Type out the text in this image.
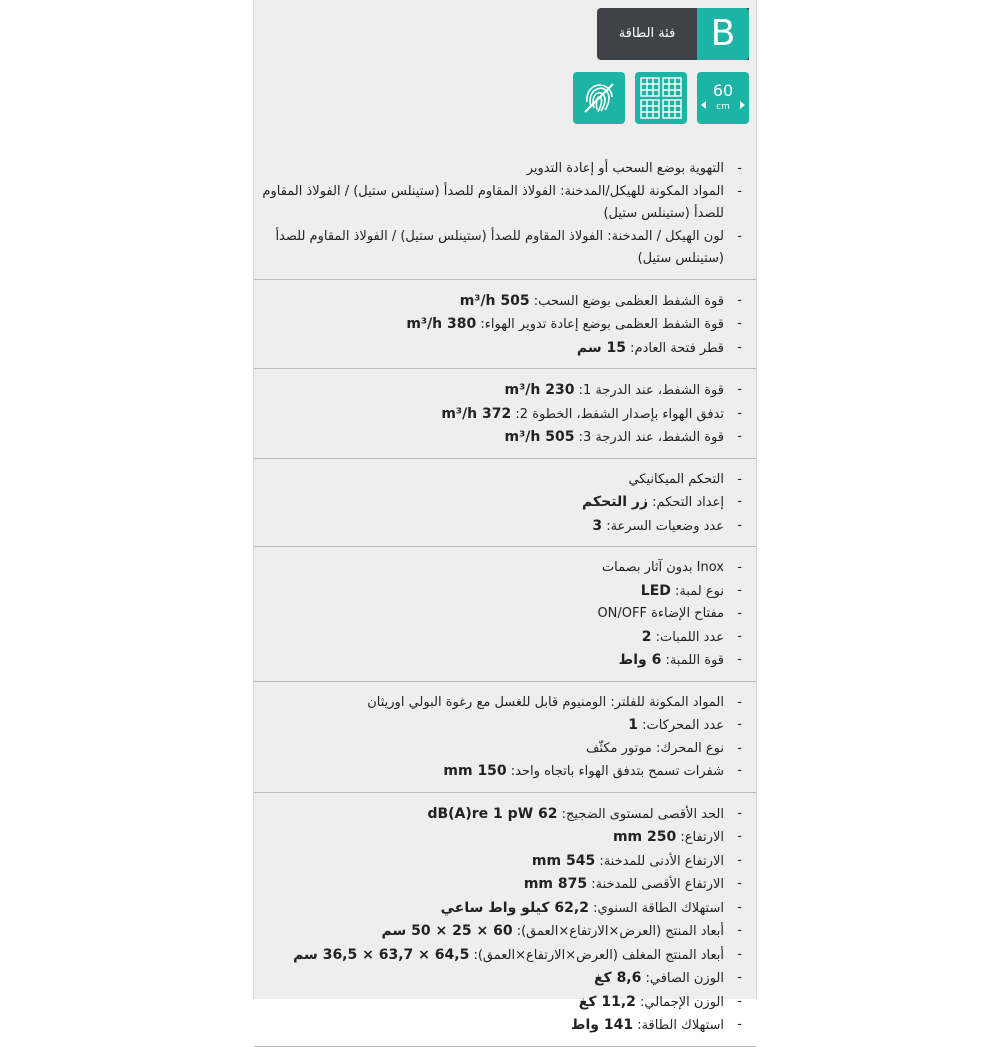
فئة الطاقة B
60
cm
- التهوية بوضع السحب أو إعادة التدوير
- المواد المكونة للهيكل/المدخنة: الفولاذ المقاوم للصدأ (ستينلس ستيل) / الفولاذ المقاوم للصدأ (ستينلس ستيل)
- لون الهيكل / المدخنة: الفولاذ المقاوم للصدأ (ستينلس ستيل) / الفولاذ المقاوم للصدأ (ستينلس ستيل)
- قوة الشفط العظمى بوضع السحب: 505 m³/h
- قوة الشفط العظمى بوضع إعادة تدوير الهواء: 380 m³/h
- قطر فتحة العادم: 15 سم
- قوة الشفط، عند الدرجة 1: 230 m³/h
- تدفق الهواء بإصدار الشفط، الخطوة 2: 372 m³/h
- قوة الشفط، عند الدرجة 3: 505 m³/h
- التحكم الميكانيكي
- إعداد التحكم: زر التحكم
- عدد وضعيات السرعة: 3
- Inox بدون آثار بصمات
- نوع لمبة: LED
- مفتاح الإضاءة ON/OFF
- عدد اللمبات: 2
- قوة اللمبة: 6 واط
- المواد المكونة للفلتر: الومنيوم قابل للغسل مع رغوة البولي اوريثان
- عدد المحركات: 1
- نوع المحرك: موتور مكثّف
- شفرات تسمح بتدفق الهواء باتجاه واحد: 150 mm
- الحد الأقصى لمستوى الضجيج: 62 dB(A)re 1 pW
- الارتفاع: 250 mm
- الارتفاع الأدنى للمدخنة: 545 mm
- الارتفاع الأقصى للمدخنة: 875 mm
- استهلاك الطاقة السنوي: 62,2 كيلو واط ساعي
- أبعاد المنتج (العرض×الارتفاع×العمق): 60 × 25 × 50 سم
- أبعاد المنتج المغلف (العرض×الارتفاع×العمق): 64,5 × 63,7 × 36,5 سم
- الوزن الصافي: 8,6 كغ
- الوزن الإجمالي: 11,2 كغ
- استهلاك الطاقة: 141 واط
